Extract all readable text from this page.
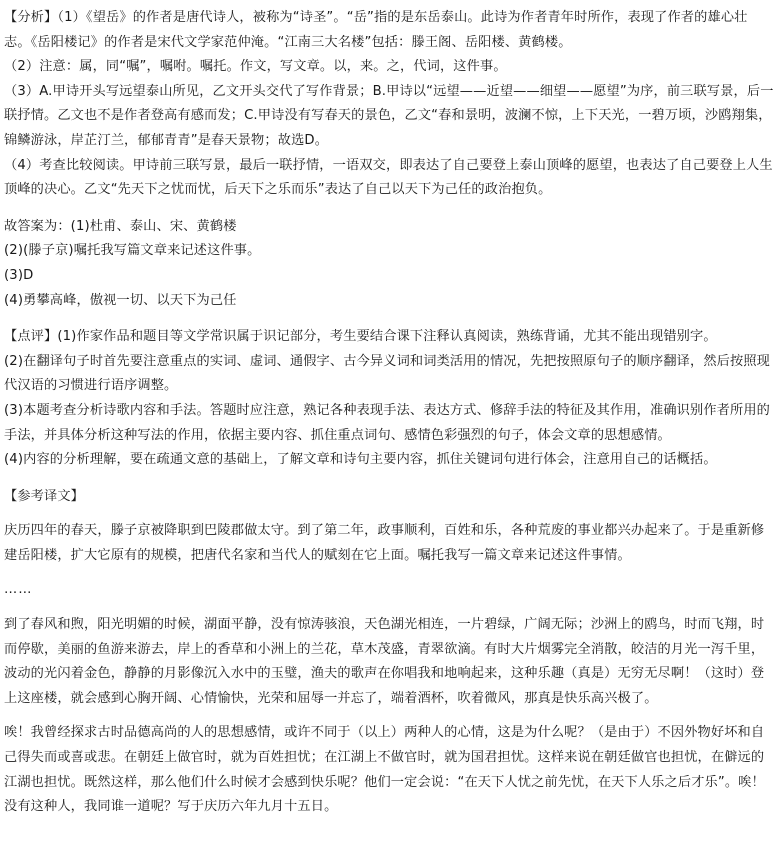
【分析】（1）《望岳》的作者是唐代诗人，被称为“诗圣”。“岳”指的是东岳泰山。此诗为作者青年时所作，表现了作者的雄心壮志。《岳阳楼记》的作者是宋代文学家范仲淹。“江南三大名楼”包括：滕王阁、岳阳楼、黄鹤楼。

（2）注意：属，同“嘱”，嘱咐。嘱托。作文，写文章。以，来。之，代词，这件事。

（3）A.甲诗开头写远望泰山所见，乙文开头交代了写作背景；B.甲诗以“远望——近望——细望——愿望”为序，前三联写景，后一联抒情。乙文也不是作者登高有感而发；C.甲诗没有写春天的景色，乙文“春和景明，波澜不惊，上下天光，一碧万顷，沙鸥翔集，锦鳞游泳，岸芷汀兰，郁郁青青”是春天景物；故选D。

（4）考查比较阅读。甲诗前三联写景，最后一联抒情，一语双交，即表达了自己要登上泰山顶峰的愿望，也表达了自己要登上人生顶峰的决心。乙文“先天下之忧而忧，后天下之乐而乐”表达了自己以天下为己任的政治抱负。

故答案为：(1)杜甫、泰山、宋、黄鹤楼

(2)(滕子京)嘱托我写篇文章来记述这件事。

(3)D

(4)勇攀高峰，傲视一切、以天下为己任

【点评】(1)作家作品和题目等文学常识属于识记部分，考生要结合课下注释认真阅读，熟练背诵，尤其不能出现错别字。

(2)在翻译句子时首先要注意重点的实词、虚词、通假字、古今异义词和词类活用的情况，先把按照原句子的顺序翻译，然后按照现代汉语的习惯进行语序调整。

(3)本题考查分析诗歌内容和手法。答题时应注意，熟记各种表现手法、表达方式、修辞手法的特征及其作用，准确识别作者所用的手法，并具体分析这种写法的作用，依据主要内容、抓住重点词句、感情色彩强烈的句子，体会文章的思想感情。

(4)内容的分析理解，要在疏通文意的基础上，了解文章和诗句主要内容，抓住关键词句进行体会，注意用自己的话概括。

【参考译文】

庆历四年的春天，滕子京被降职到巴陵郡做太守。到了第二年，政事顺利，百姓和乐，各种荒废的事业都兴办起来了。于是重新修建岳阳楼，扩大它原有的规模，把唐代名家和当代人的赋刻在它上面。嘱托我写一篇文章来记述这件事情。

……

到了春风和煦，阳光明媚的时候，湖面平静，没有惊涛骇浪，天色湖光相连，一片碧绿，广阔无际；沙洲上的鸥鸟，时而飞翔，时而停歇，美丽的鱼游来游去，岸上的香草和小洲上的兰花，草木茂盛，青翠欲滴。有时大片烟雾完全消散，皎洁的月光一泻千里，波动的光闪着金色，静静的月影像沉入水中的玉璧，渔夫的歌声在你唱我和地响起来，这种乐趣（真是）无穷无尽啊！（这时）登上这座楼，就会感到心胸开阔、心情愉快，光荣和屈辱一并忘了，端着酒杯，吹着微风，那真是快乐高兴极了。

唉！我曾经探求古时品德高尚的人的思想感情，或许不同于（以上）两种人的心情，这是为什么呢？（是由于）不因外物好坏和自己得失而或喜或悲。在朝廷上做官时，就为百姓担忧；在江湖上不做官时，就为国君担忧。这样来说在朝廷做官也担忧，在僻远的江湖也担忧。既然这样，那么他们什么时候才会感到快乐呢？他们一定会说：“在天下人忧之前先忧，在天下人乐之后才乐”。唉！没有这种人，我同谁一道呢？写于庆历六年九月十五日。
